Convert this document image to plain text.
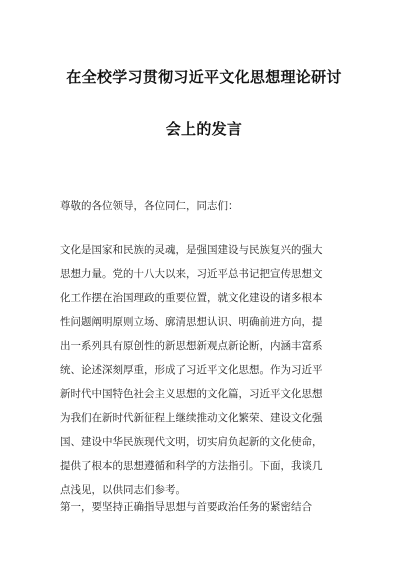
在全校学习贯彻习近平文化思想理论研讨
会上的发言
尊敬的各位领导，各位同仁，同志们：
文化是国家和民族的灵魂，是强国建设与民族复兴的强大
思想力量。党的十八大以来，习近平总书记把宣传思想文
化工作摆在治国理政的重要位置，就文化建设的诸多根本
性问题阐明原则立场、廓清思想认识、明确前进方向，提
出一系列具有原创性的新思想新观点新论断，内涵丰富系
统、论述深刻厚重，形成了习近平文化思想。作为习近平
新时代中国特色社会主义思想的文化篇，习近平文化思想
为我们在新时代新征程上继续推动文化繁荣、建设文化强
国、建设中华民族现代文明，切实肩负起新的文化使命，
提供了根本的思想遵循和科学的方法指引。下面，我谈几
点浅见，以供同志们参考。
第一，要坚持正确指导思想与首要政治任务的紧密结合
